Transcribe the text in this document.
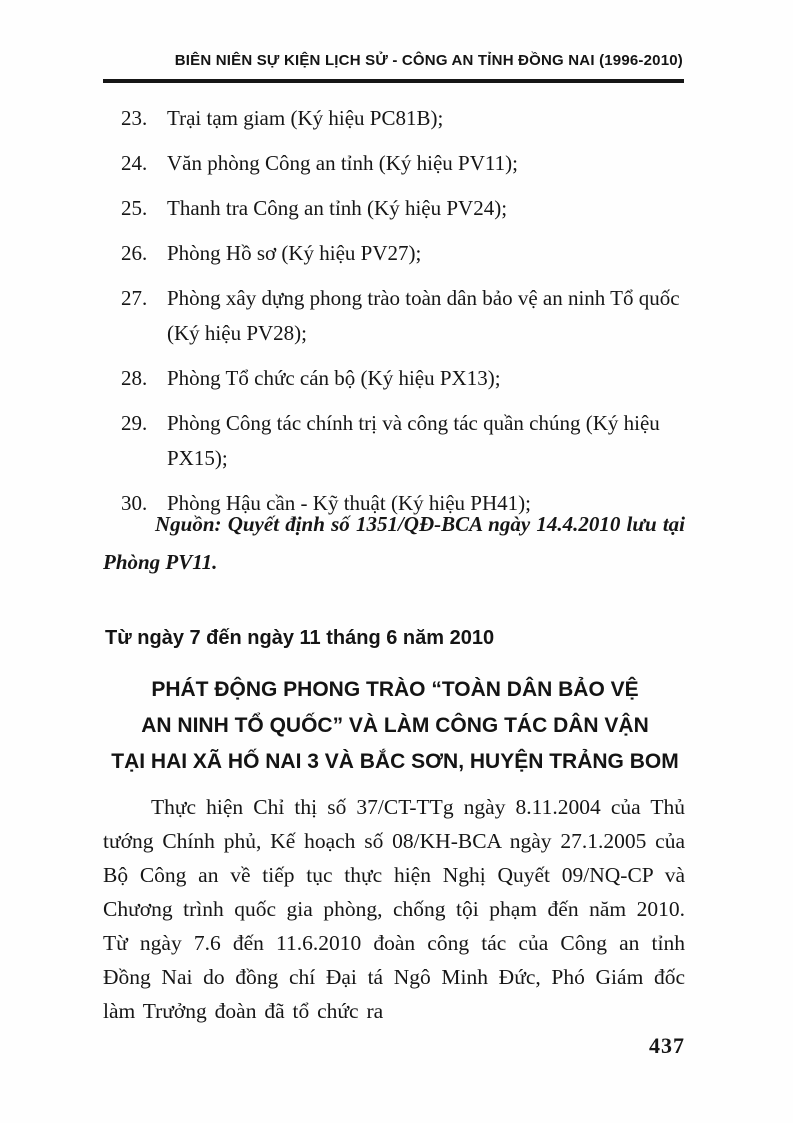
BIÊN NIÊN SỰ KIỆN LỊCH SỬ - CÔNG AN TỈNH ĐỒNG NAI (1996-2010)
23. Trại tạm giam (Ký hiệu PC81B);
24. Văn phòng Công an tỉnh (Ký hiệu PV11);
25. Thanh tra Công an tỉnh (Ký hiệu PV24);
26. Phòng Hồ sơ (Ký hiệu PV27);
27. Phòng xây dựng phong trào toàn dân bảo vệ an ninh Tổ quốc (Ký hiệu PV28);
28. Phòng Tổ chức cán bộ (Ký hiệu PX13);
29. Phòng Công tác chính trị và công tác quần chúng (Ký hiệu PX15);
30. Phòng Hậu cần - Kỹ thuật (Ký hiệu PH41);

Nguồn: Quyết định số 1351/QĐ-BCA ngày 14.4.2010 lưu tại Phòng PV11.

Từ ngày 7 đến ngày 11 tháng 6 năm 2010
PHÁT ĐỘNG PHONG TRÀO “TOÀN DÂN BẢO VỆ
AN NINH TỔ QUỐC” VÀ LÀM CÔNG TÁC DÂN VẬN
TẠI HAI XÃ HỐ NAI 3 VÀ BẮC SƠN, HUYỆN TRẢNG BOM

Thực hiện Chỉ thị số 37/CT-TTg ngày 8.11.2004 của Thủ tướng Chính phủ, Kế hoạch số 08/KH-BCA ngày 27.1.2005 của Bộ Công an về tiếp tục thực hiện Nghị Quyết 09/NQ-CP và Chương trình quốc gia phòng, chống tội phạm đến năm 2010. Từ ngày 7.6 đến 11.6.2010 đoàn công tác của Công an tỉnh Đồng Nai do đồng chí Đại tá Ngô Minh Đức, Phó Giám đốc làm Trưởng đoàn đã tổ chức ra

437
